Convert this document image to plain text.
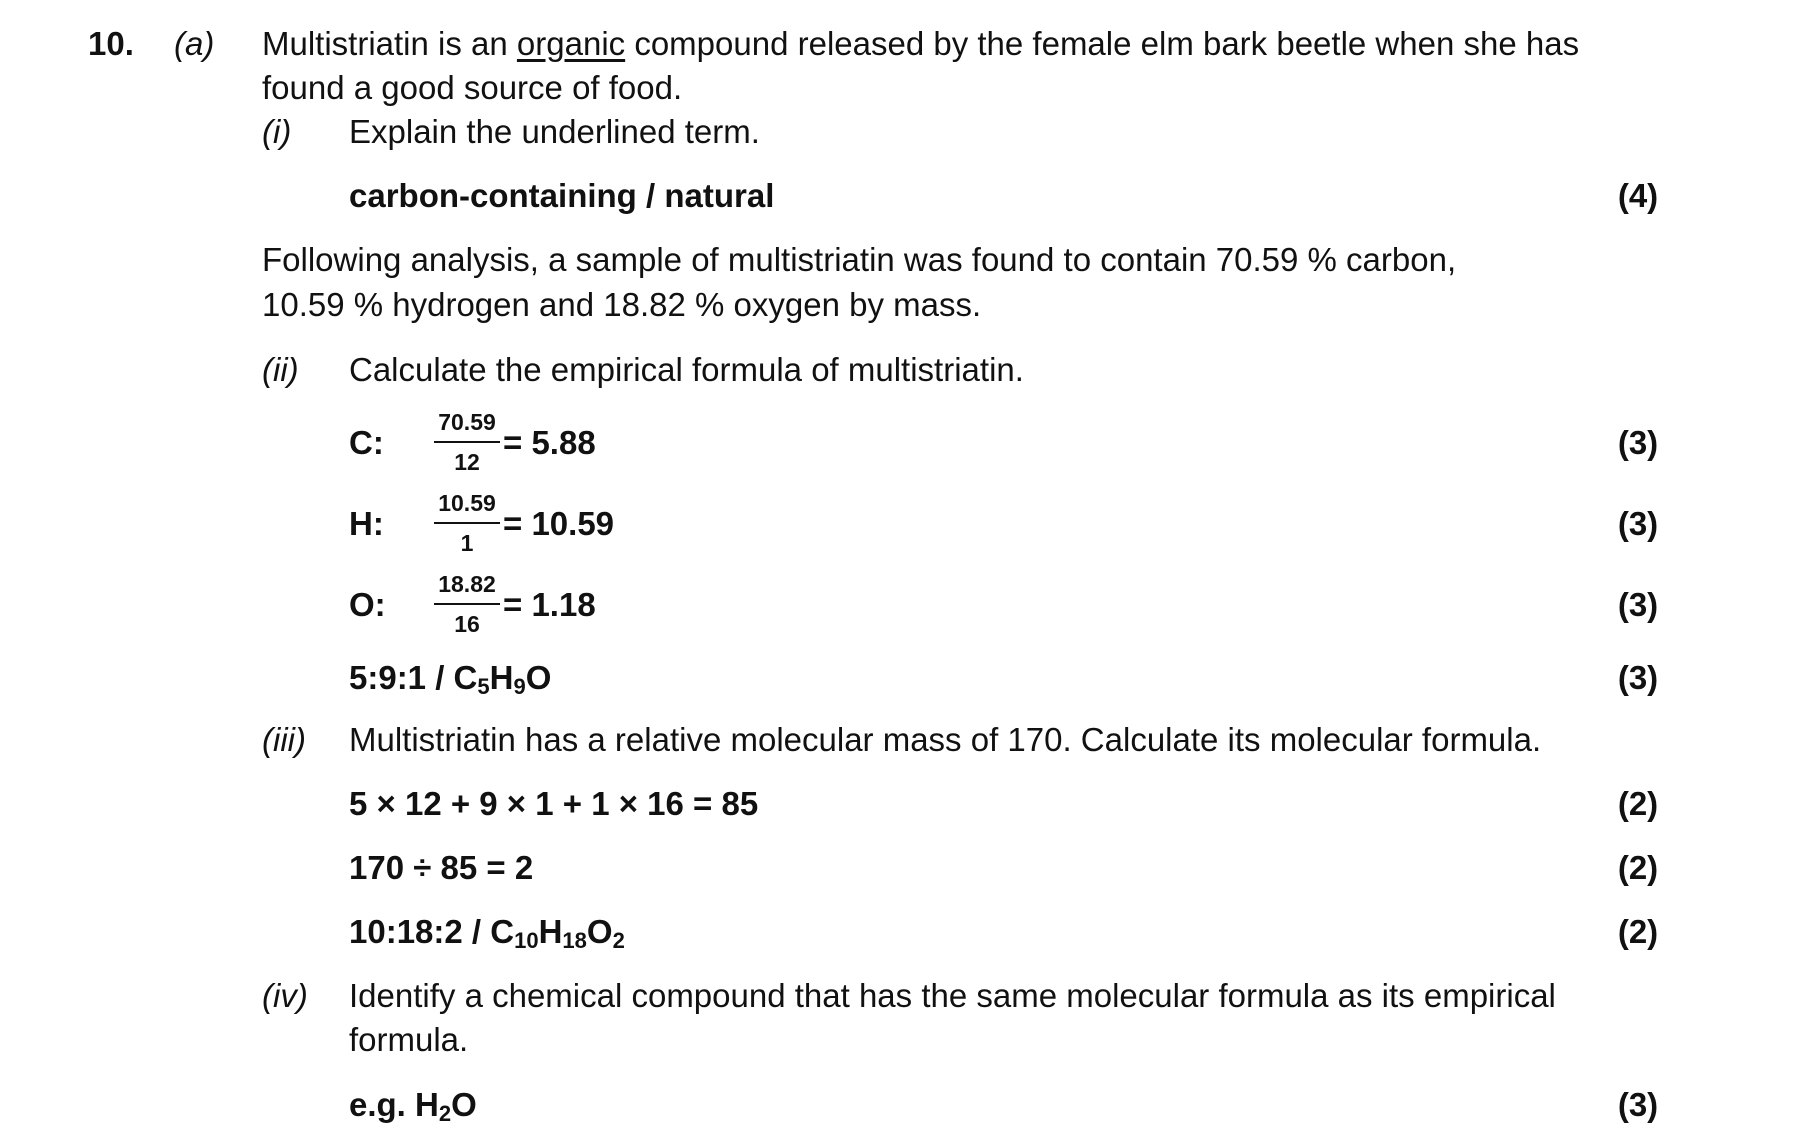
10. (a) Multistriatin is an organic compound released by the female elm bark beetle when she has
found a good source of food.
(i) Explain the underlined term.
carbon-containing / natural	(4)
Following analysis, a sample of multistriatin was found to contain 70.59 % carbon,
10.59 % hydrogen and 18.82 % oxygen by mass.
(ii) Calculate the empirical formula of multistriatin.
C:
70.59
12
= 5.88	(3)
H:
10.59
1
= 10.59	(3)
O:
18.82
16
= 1.18	(3)
5:9:1 / $C_5H_9O$	(3)
(iii) Multistriatin has a relative molecular mass of 170. Calculate its molecular formula.
5 × 12 + 9 × 1 + 1 × 16 = 85	(2)
170 ÷ 85 = 2	(2)
10:18:2 / $C_{10}H_{18}O_2$	(2)
(iv) Identify a chemical compound that has the same molecular formula as its empirical
formula.
e.g. $H_2O$	(3)
